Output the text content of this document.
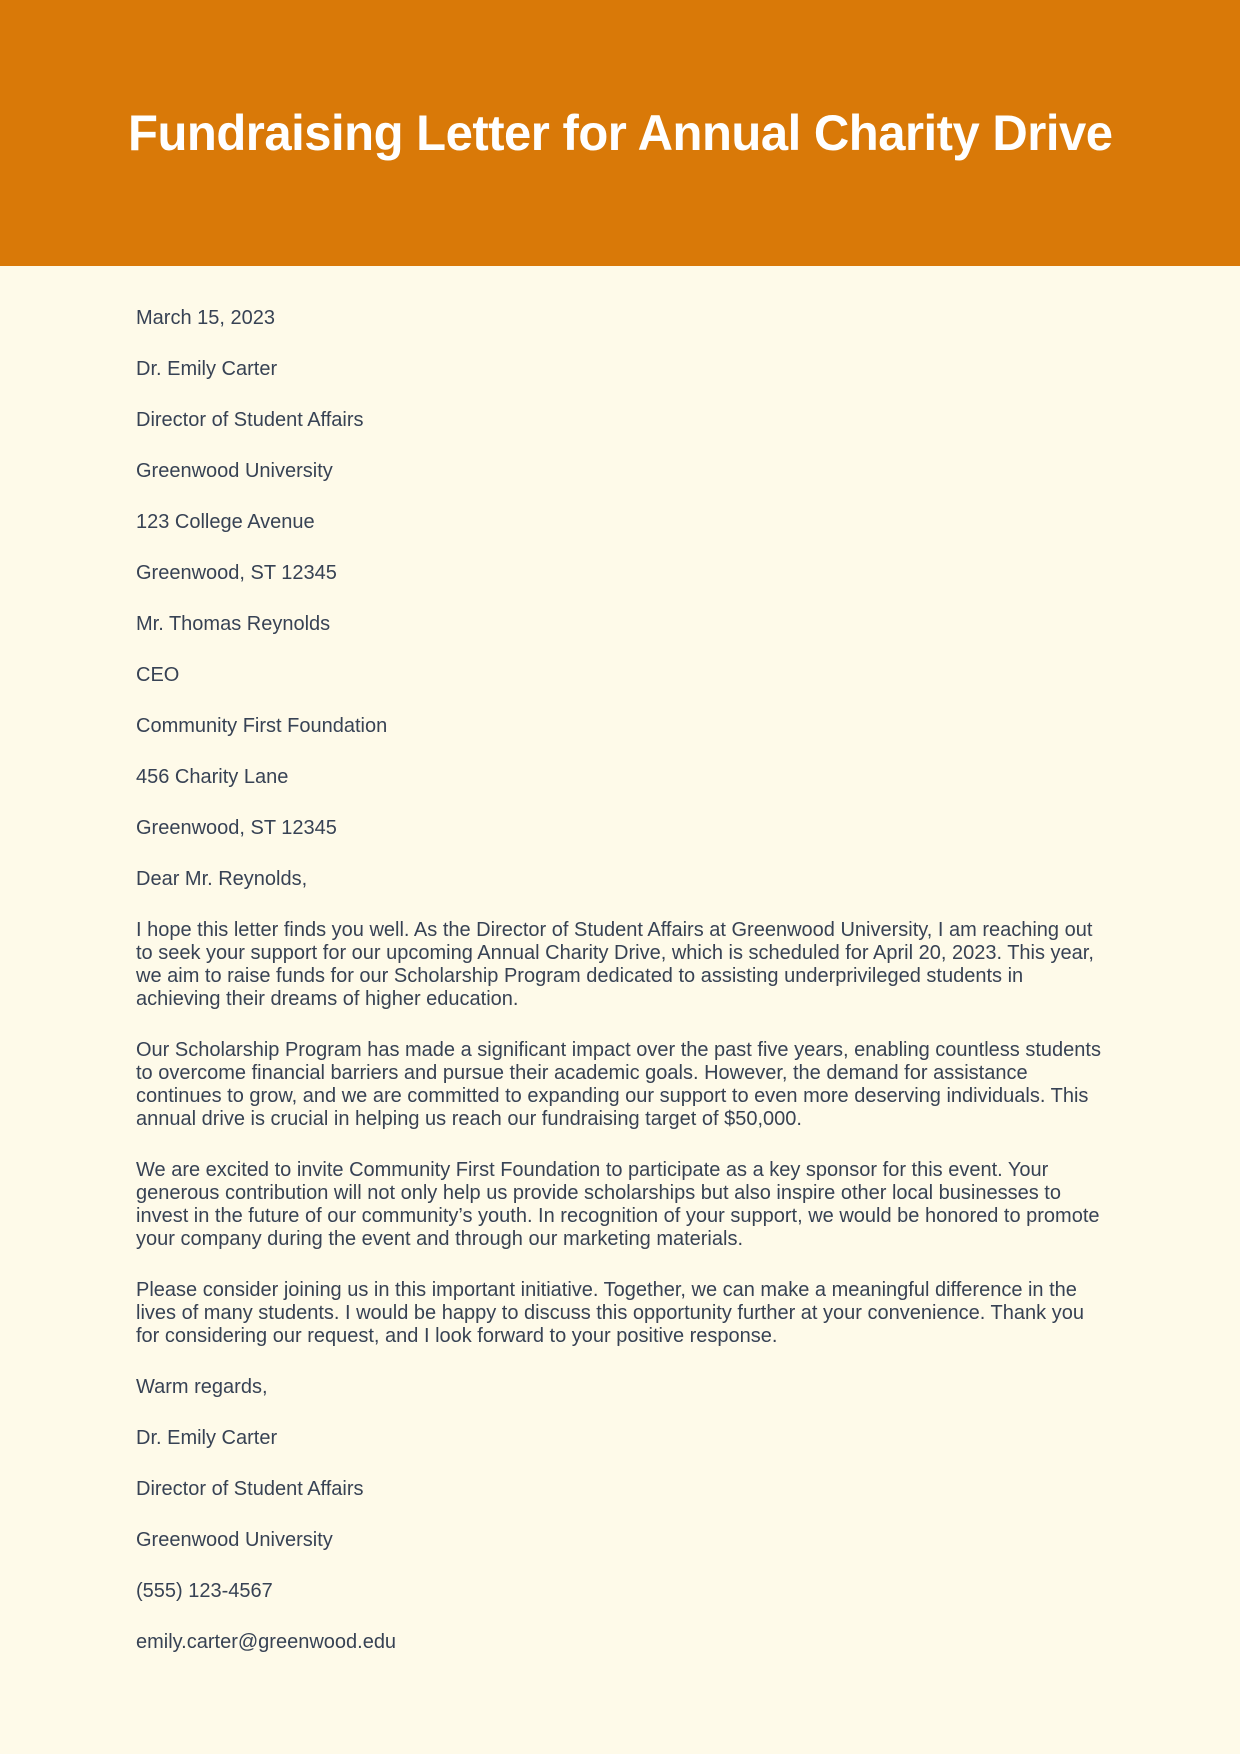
Fundraising Letter for Annual Charity Drive

March 15, 2023

Dr. Emily Carter

Director of Student Affairs

Greenwood University

123 College Avenue

Greenwood, ST 12345

Mr. Thomas Reynolds

CEO

Community First Foundation

456 Charity Lane

Greenwood, ST 12345

Dear Mr. Reynolds,

I hope this letter finds you well. As the Director of Student Affairs at Greenwood University, I am reaching out to seek your support for our upcoming Annual Charity Drive, which is scheduled for April 20, 2023. This year, we aim to raise funds for our Scholarship Program dedicated to assisting underprivileged students in achieving their dreams of higher education.

Our Scholarship Program has made a significant impact over the past five years, enabling countless students to overcome financial barriers and pursue their academic goals. However, the demand for assistance continues to grow, and we are committed to expanding our support to even more deserving individuals. This annual drive is crucial in helping us reach our fundraising target of $50,000.

We are excited to invite Community First Foundation to participate as a key sponsor for this event. Your generous contribution will not only help us provide scholarships but also inspire other local businesses to invest in the future of our community’s youth. In recognition of your support, we would be honored to promote your company during the event and through our marketing materials.

Please consider joining us in this important initiative. Together, we can make a meaningful difference in the lives of many students. I would be happy to discuss this opportunity further at your convenience. Thank you for considering our request, and I look forward to your positive response.

Warm regards,

Dr. Emily Carter

Director of Student Affairs

Greenwood University

(555) 123-4567

emily.carter@greenwood.edu
